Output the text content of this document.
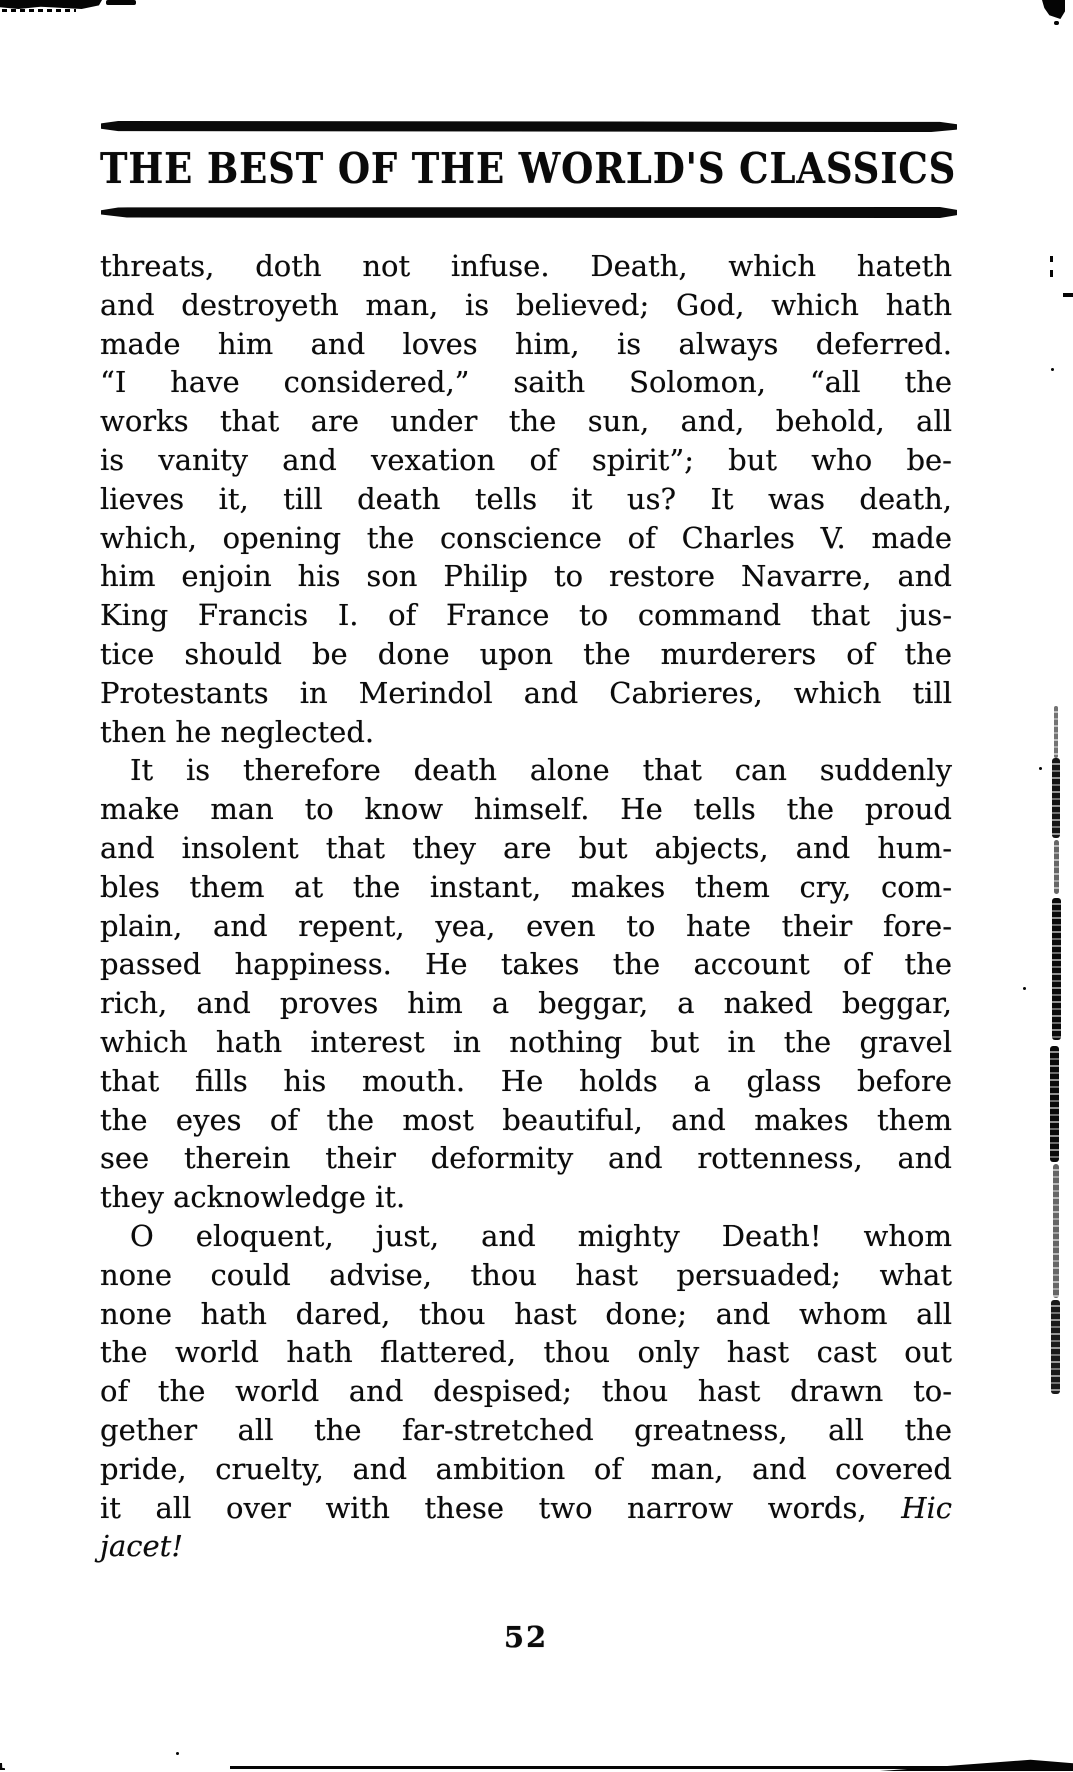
THE BEST OF THE WORLD'S CLASSICS
threats, doth not infuse. Death, which hateth
and destroyeth man, is believed; God, which hath
made him and loves him, is always deferred.
“I have considered,” saith Solomon, “all the
works that are under the sun, and, behold, all
is vanity and vexation of spirit”; but who be-
lieves it, till death tells it us? It was death,
which, opening the conscience of Charles V. made
him enjoin his son Philip to restore Navarre, and
King Francis I. of France to command that jus-
tice should be done upon the murderers of the
Protestants in Merindol and Cabrieres, which till
then he neglected.
It is therefore death alone that can suddenly
make man to know himself. He tells the proud
and insolent that they are but abjects, and hum-
bles them at the instant, makes them cry, com-
plain, and repent, yea, even to hate their fore-
passed happiness. He takes the account of the
rich, and proves him a beggar, a naked beggar,
which hath interest in nothing but in the gravel
that fills his mouth. He holds a glass before
the eyes of the most beautiful, and makes them
see therein their deformity and rottenness, and
they acknowledge it.
O eloquent, just, and mighty Death! whom
none could advise, thou hast persuaded; what
none hath dared, thou hast done; and whom all
the world hath flattered, thou only hast cast out
of the world and despised; thou hast drawn to-
gether all the far-stretched greatness, all the
pride, cruelty, and ambition of man, and covered
it all over with these two narrow words, Hic
jacet!
52
